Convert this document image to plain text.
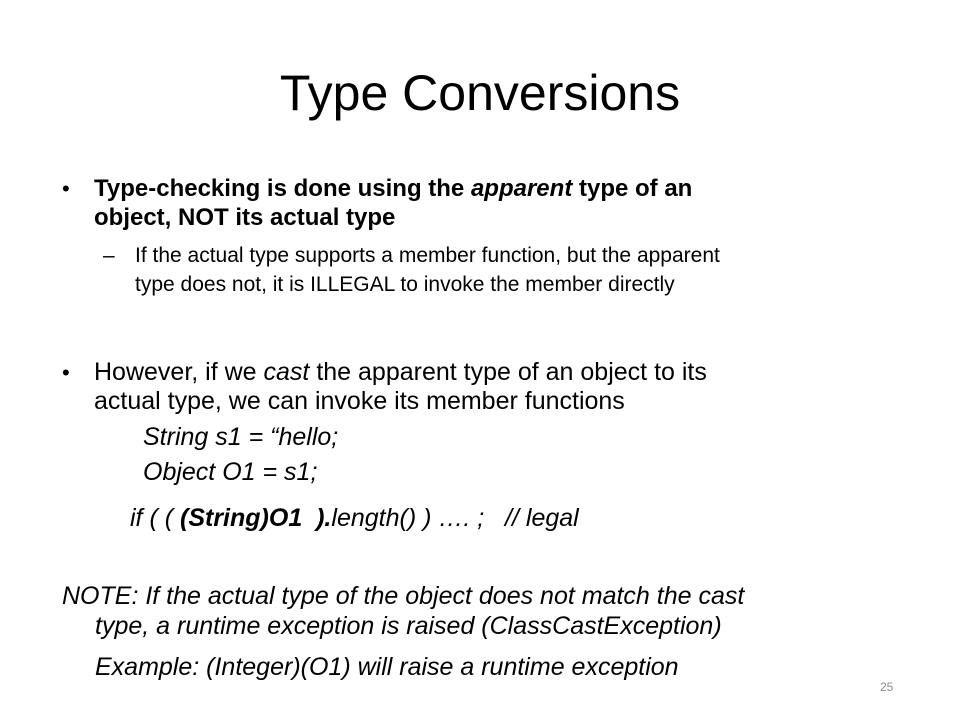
Type Conversions
• Type-checking is done using the apparent type of an
object, NOT its actual type
– If the actual type supports a member function, but the apparent
type does not, it is ILLEGAL to invoke the member directly
• However, if we cast the apparent type of an object to its
actual type, we can invoke its member functions
String s1 = “hello;
Object O1 = s1;
if ( ( (String)O1  ).length() ) …. ;   // legal
NOTE: If the actual type of the object does not match the cast
type, a runtime exception is raised (ClassCastException)
Example: (Integer)(O1) will raise a runtime exception
25
